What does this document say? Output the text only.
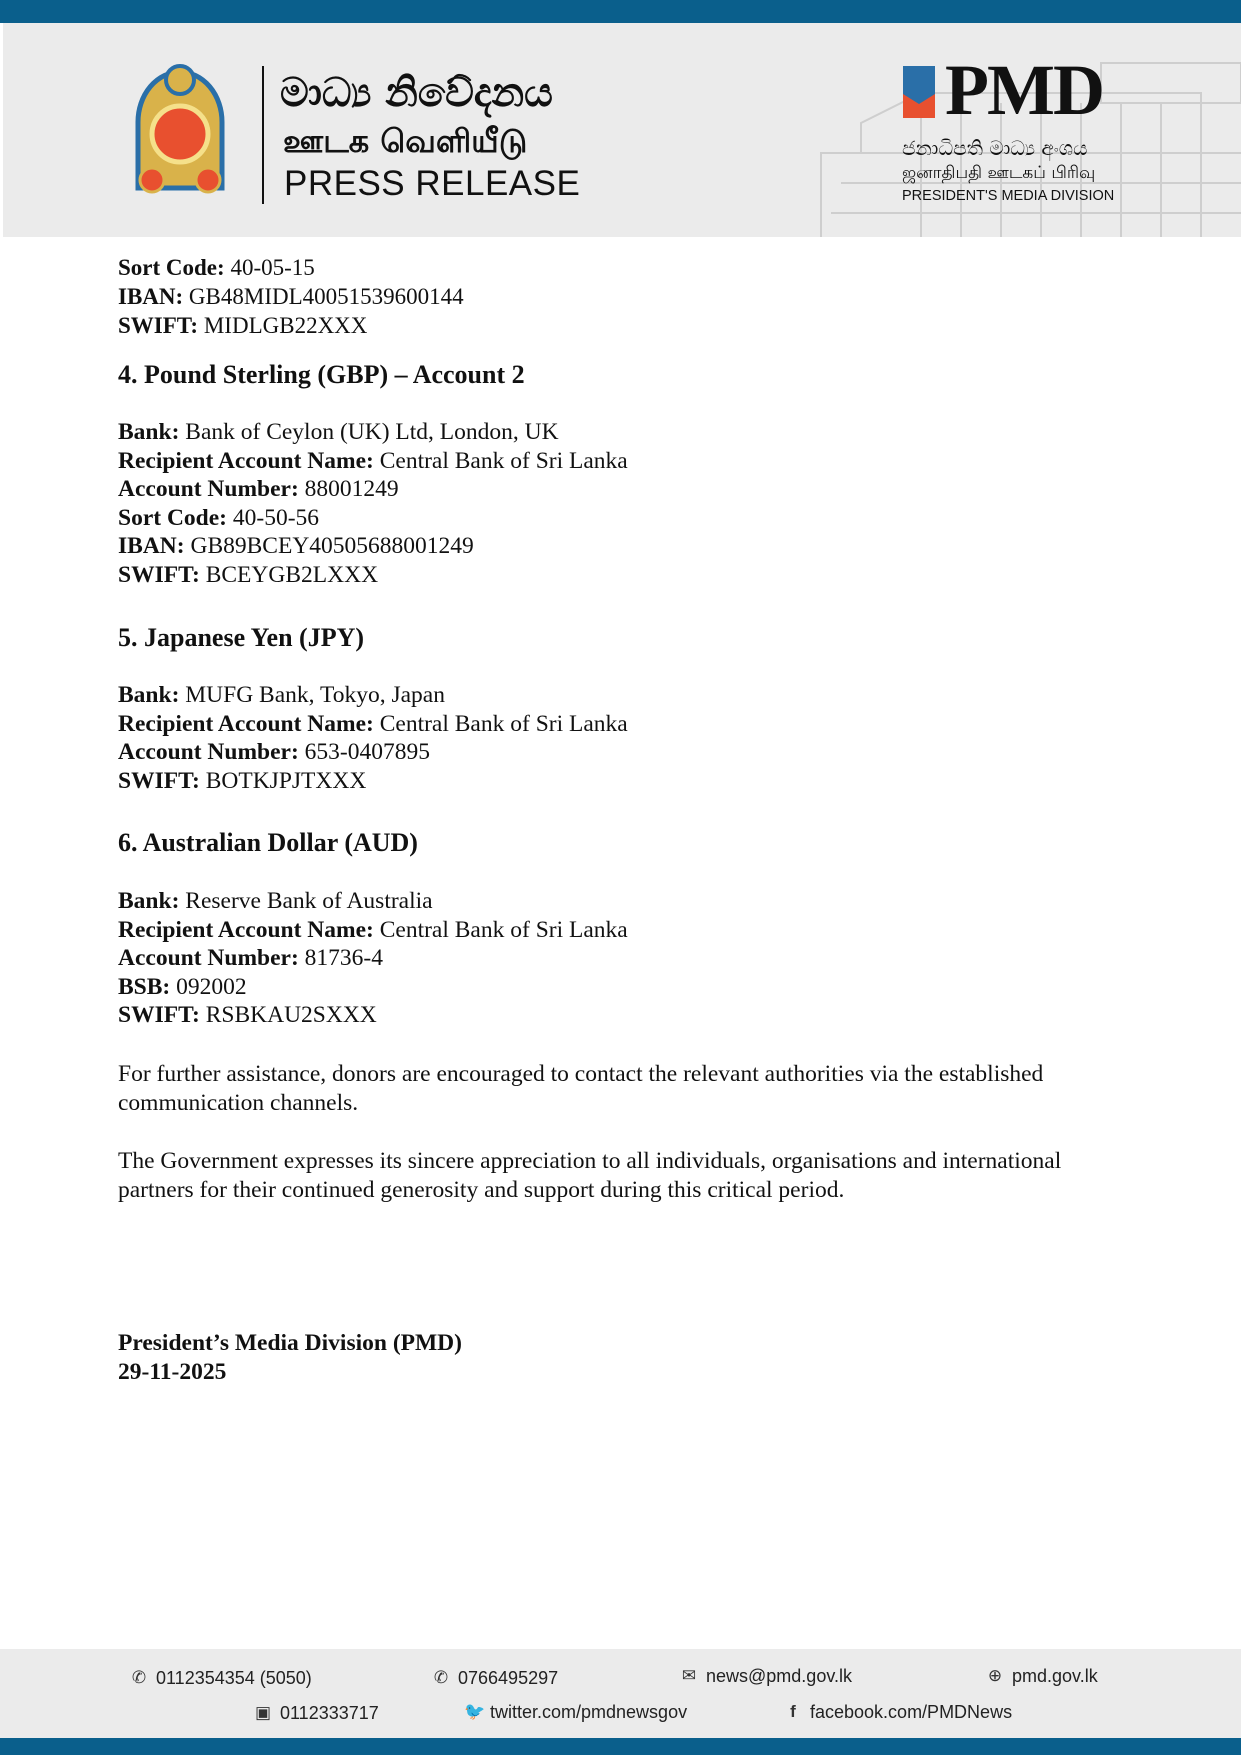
මාධ්‍ය නිවේදනය
ஊடக வெளியீடு
PRESS RELEASE
PMD
ජනාධිපති මාධ්‍ය අංශය
ஜனாதிபதி ஊடகப் பிரிவு
PRESIDENT'S MEDIA DIVISION
Sort Code: 40-05-15
IBAN: GB48MIDL40051539600144
SWIFT: MIDLGB22XXX
4. Pound Sterling (GBP) – Account 2
Bank: Bank of Ceylon (UK) Ltd, London, UK
Recipient Account Name: Central Bank of Sri Lanka
Account Number: 88001249
Sort Code: 40-50-56
IBAN: GB89BCEY40505688001249
SWIFT: BCEYGB2LXXX
5. Japanese Yen (JPY)
Bank: MUFG Bank, Tokyo, Japan
Recipient Account Name: Central Bank of Sri Lanka
Account Number: 653-0407895
SWIFT: BOTKJPJTXXX
6. Australian Dollar (AUD)
Bank: Reserve Bank of Australia
Recipient Account Name: Central Bank of Sri Lanka
Account Number: 81736-4
BSB: 092002
SWIFT: RSBKAU2SXXX
For further assistance, donors are encouraged to contact the relevant authorities via the established
communication channels.
The Government expresses its sincere appreciation to all individuals, organisations and international
partners for their continued generosity and support during this critical period.
President’s Media Division (PMD)
29-11-2025
✆ 0112354354 (5050)	✆ 0766495297	✉ news@pmd.gov.lk	⊕ pmd.gov.lk
▣ 0112333717	🐦 twitter.com/pmdnewsgov	f facebook.com/PMDNews
